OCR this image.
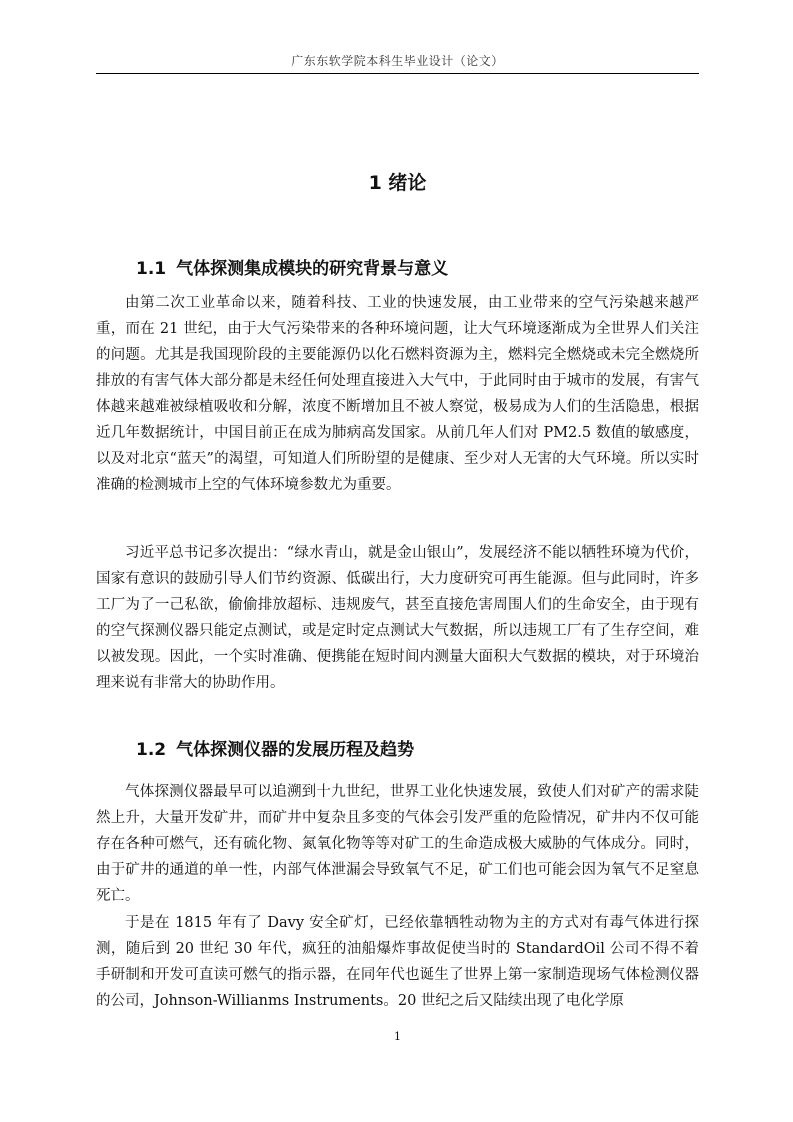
广东东软学院本科生毕业设计（论文）
1 绪论
1.1 气体探测集成模块的研究背景与意义

由第二次工业革命以来，随着科技、工业的快速发展，由工业带来的空气污染越来越严重，而在 21 世纪，由于大气污染带来的各种环境问题，让大气环境逐渐成为全世界人们关注的问题。尤其是我国现阶段的主要能源仍以化石燃料资源为主，燃料完全燃烧或未完全燃烧所排放的有害气体大部分都是未经任何处理直接进入大气中，于此同时由于城市的发展，有害气体越来越难被绿植吸收和分解，浓度不断增加且不被人察觉，极易成为人们的生活隐患，根据近几年数据统计，中国目前正在成为肺病高发国家。从前几年人们对 PM2.5 数值的敏感度，以及对北京“蓝天”的渴望，可知道人们所盼望的是健康、至少对人无害的大气环境。所以实时准确的检测城市上空的气体环境参数尤为重要。

习近平总书记多次提出：“绿水青山，就是金山银山”，发展经济不能以牺牲环境为代价，国家有意识的鼓励引导人们节约资源、低碳出行，大力度研究可再生能源。但与此同时，许多工厂为了一己私欲，偷偷排放超标、违规废气，甚至直接危害周围人们的生命安全，由于现有的空气探测仪器只能定点测试，或是定时定点测试大气数据，所以违规工厂有了生存空间，难以被发现。因此，一个实时准确、便携能在短时间内测量大面积大气数据的模块，对于环境治理来说有非常大的协助作用。

1.2 气体探测仪器的发展历程及趋势

气体探测仪器最早可以追溯到十九世纪，世界工业化快速发展，致使人们对矿产的需求陡然上升，大量开发矿井，而矿井中复杂且多变的气体会引发严重的危险情况，矿井内不仅可能存在各种可燃气，还有硫化物、氮氧化物等等对矿工的生命造成极大威胁的气体成分。同时，由于矿井的通道的单一性，内部气体泄漏会导致氧气不足，矿工们也可能会因为氧气不足窒息死亡。

于是在 1815 年有了 Davy 安全矿灯，已经依靠牺牲动物为主的方式对有毒气体进行探测，随后到 20 世纪 30 年代，疯狂的油船爆炸事故促使当时的 StandardOil 公司不得不着手研制和开发可直读可燃气的指示器，在同年代也诞生了世界上第一家制造现场气体检测仪器的公司，Johnson-Willianms Instruments。20 世纪之后又陆续出现了电化学原

1
